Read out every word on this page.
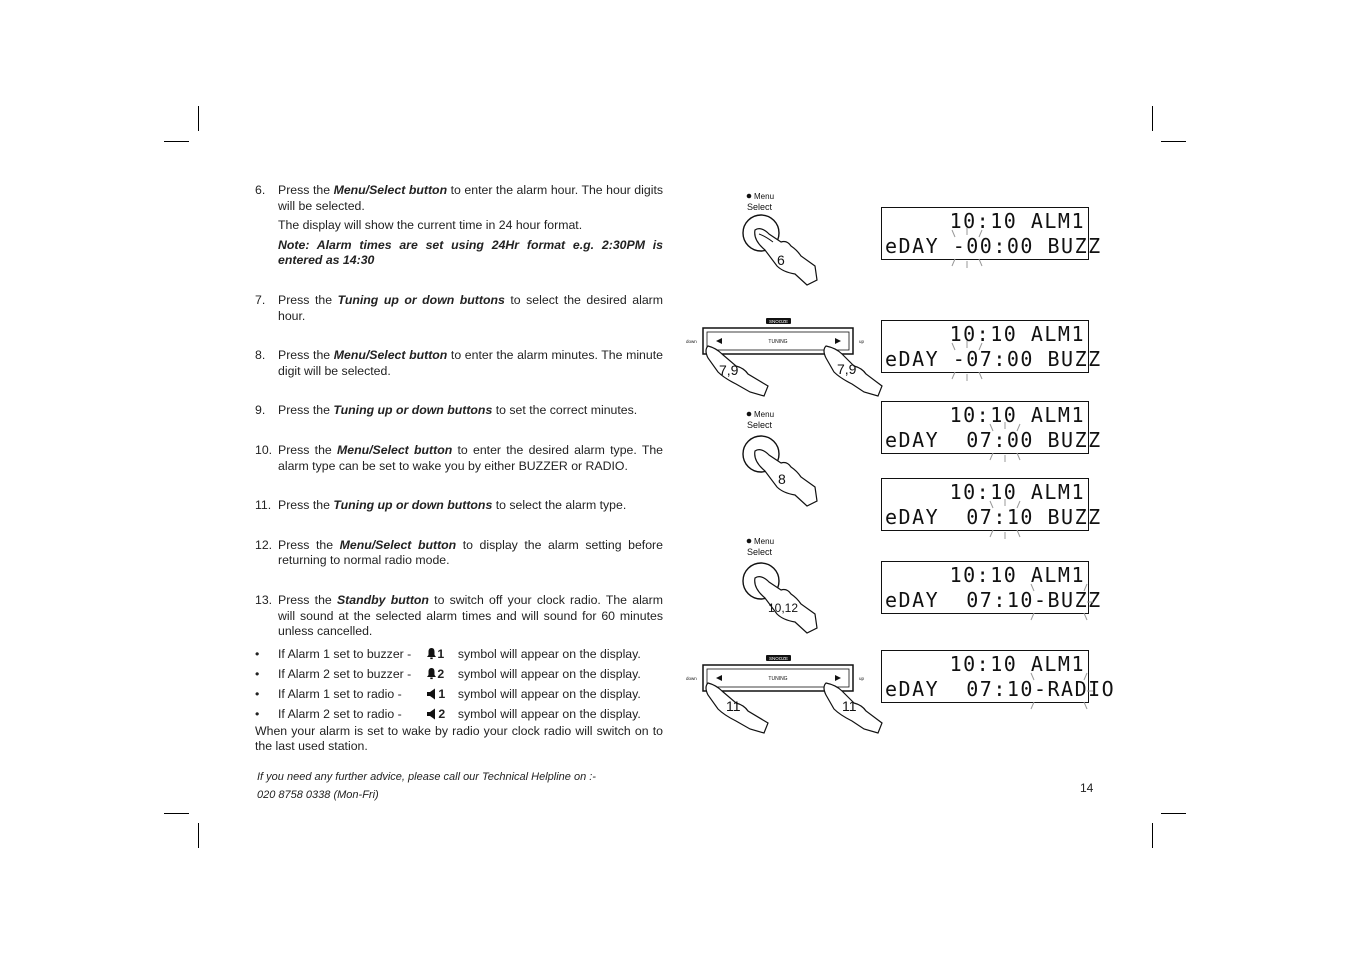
6. Press the Menu/Select button to enter the alarm hour. The hour digits will be selected.

The display will show the current time in 24 hour format.

Note: Alarm times are set using 24Hr format e.g. 2:30PM is entered as 14:30

7. Press the Tuning up or down buttons to select the desired alarm hour.

8. Press the Menu/Select button to enter the alarm minutes. The minute digit will be selected.

9. Press the Tuning up or down buttons to set the correct minutes.

10. Press the Menu/Select button to enter the desired alarm type. The alarm type can be set to wake you by either BUZZER or RADIO.

11. Press the Tuning up or down buttons to select the alarm type.

12. Press the Menu/Select button to display the alarm setting before returning to normal radio mode.

13. Press the Standby button to switch off your clock radio. The alarm will sound at the selected alarm times and will sound for 60 minutes unless cancelled.

• If Alarm 1 set to buzzer - 1 symbol will appear on the display.
• If Alarm 2 set to buzzer - 2 symbol will appear on the display.
• If Alarm 1 set to radio -	1 symbol will appear on the display.
• If Alarm 2 set to radio -	2 symbol will appear on the display.

When your alarm is set to wake by radio your clock radio will switch on to the last used station.

If you need any further advice, please call our Technical Helpline on :-
020 8758 0338 (Mon-Fri)	14
Menu
Select
6
SNOOZE
TUNING
down	up
7,9	7,9
Menu
Select
8
Menu
Select
10,12
SNOOZE
TUNING
down	up
11	11
10:10 ALM1
eDAY -00:00 BUZZ
10:10 ALM1
eDAY -07:00 BUZZ
10:10 ALM1
eDAY  07:00 BUZZ
10:10 ALM1
eDAY  07:10 BUZZ
10:10 ALM1
eDAY  07:10-BUZZ
10:10 ALM1
eDAY  07:10-RADIO
